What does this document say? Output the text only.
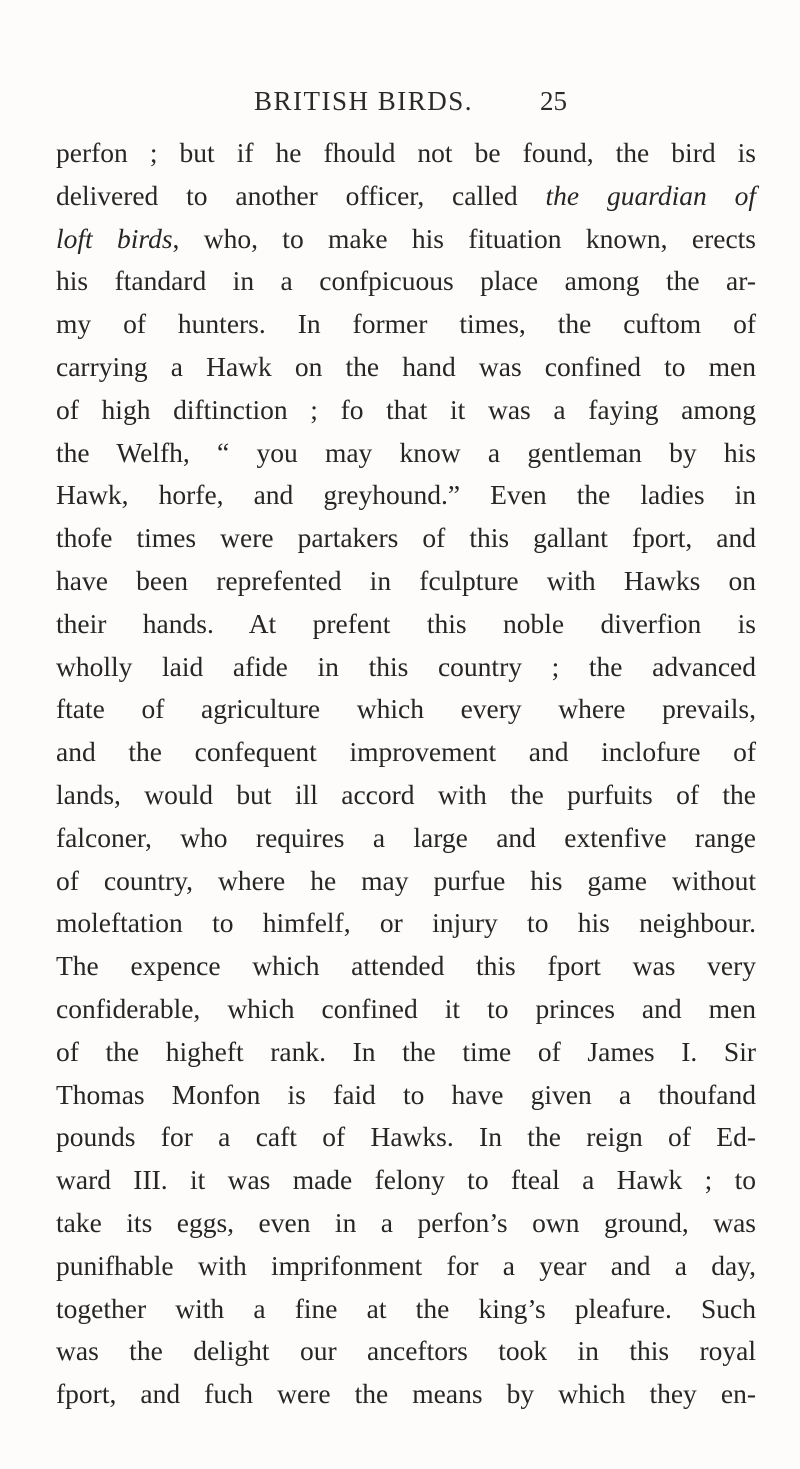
BRITISH BIRDS. 25
perfon ; but if he fhould not be found, the bird is
delivered to another officer, called the guardian of
loft birds, who, to make his fituation known, erects
his ftandard in a confpicuous place among the ar-
my of hunters. In former times, the cuftom of
carrying a Hawk on the hand was confined to men
of high diftinction ; fo that it was a faying among
the Welfh, “ you may know a gentleman by his
Hawk, horfe, and greyhound.” Even the ladies in
thofe times were partakers of this gallant fport, and
have been reprefented in fculpture with Hawks on
their hands. At prefent this noble diverfion is
wholly laid afide in this country ; the advanced
ftate of agriculture which every where prevails,
and the confequent improvement and inclofure of
lands, would but ill accord with the purfuits of the
falconer, who requires a large and extenfive range
of country, where he may purfue his game without
moleftation to himfelf, or injury to his neighbour.
The expence which attended this fport was very
confiderable, which confined it to princes and men
of the higheft rank. In the time of James I. Sir
Thomas Monfon is faid to have given a thoufand
pounds for a caft of Hawks. In the reign of Ed-
ward III. it was made felony to fteal a Hawk ; to
take its eggs, even in a perfon’s own ground, was
punifhable with imprifonment for a year and a day,
together with a fine at the king’s pleafure. Such
was the delight our anceftors took in this royal
fport, and fuch were the means by which they en-
